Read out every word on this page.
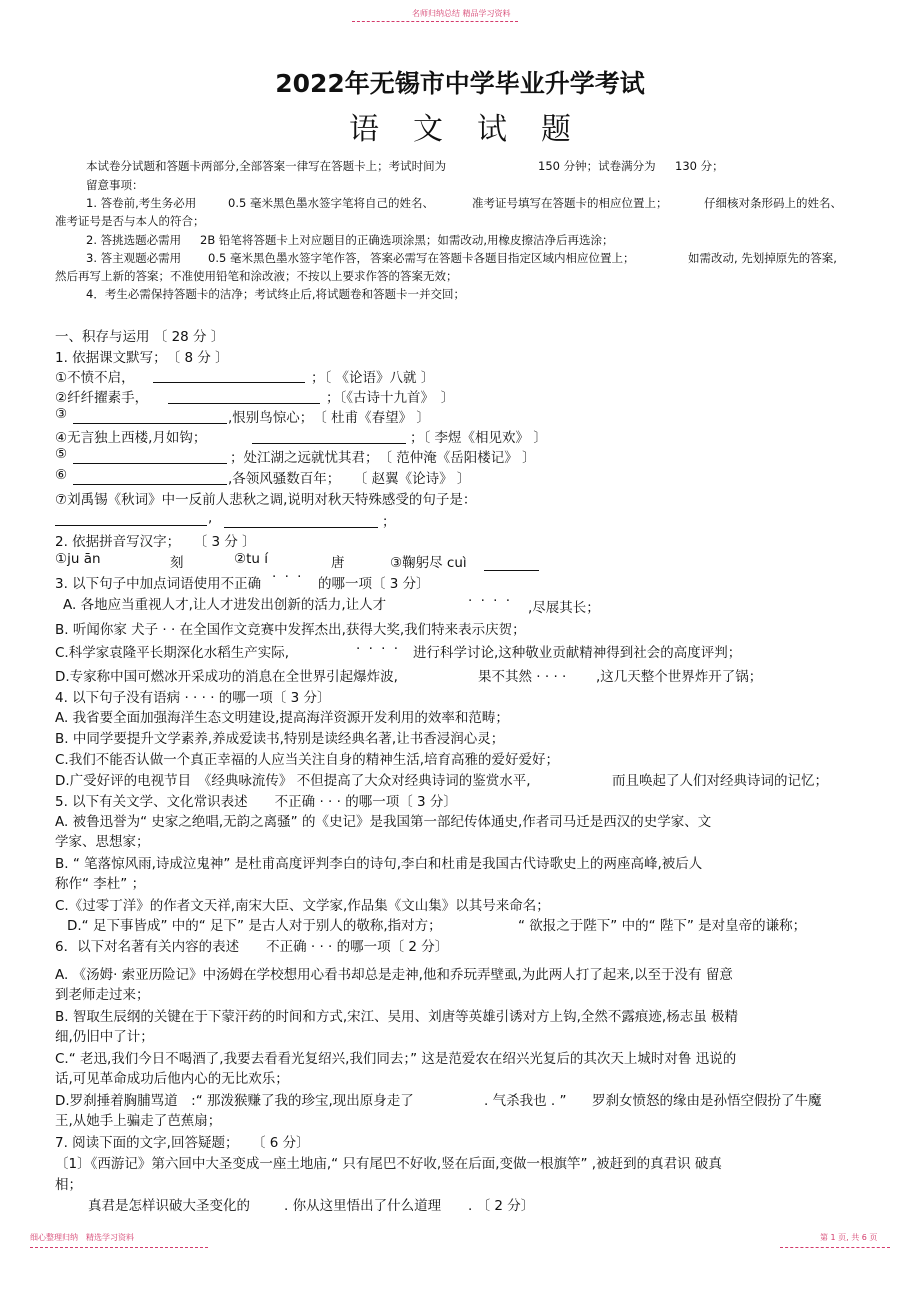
名师归纳总结 精品学习资料
2022年无锡市中学毕业升学考试
语文试题
本试卷分试题和答题卡两部分,全部答案一律写在答题卡上；考试时间为	150 分钟；试卷满分为 130 分；
留意事项：
1. 答卷前,考生务必用	0.5 毫米黑色墨水签字笔将自己的姓名、	准考证号填写在答题卡的相应位置上；	仔细核对条形码上的姓名、
准考证号是否与本人的符合；
2. 答挑选题必需用 2B 铅笔将答题卡上对应题目的正确选项涂黑；如需改动,用橡皮擦洁净后再选涂；
3. 答主观题必需用 0.5 毫米黑色墨水签字笔作答， 答案必需写在答题卡各题目指定区域内相应位置上；	如需改动, 先划掉原先的答案,
然后再写上新的答案；不准使用铅笔和涂改液；不按以上要求作答的答案无效；
4．考生必需保持答题卡的洁净；考试终止后,将试题卷和答题卡一并交回；
一、积存与运用 〔 28 分 〕
1. 依据课文默写；　〔 8 分 〕
①不愤不启，	；〔 《论语》八就 〕
②纤纤擢素手，	；〔《古诗十九首》　〕
③	,恨别鸟惊心；　〔 杜甫《春望》 〕
④无言独上西楼,月如钩；	；〔 李煜《相见欢》 〕
⑤	；处江湖之远就忧其君；　〔 范仲淹《岳阳楼记》 〕
⑥	,各领风骚数百年；　　〔 赵翼《论诗》 〕
⑦刘禹锡《秋词》中一反前人悲秋之调,说明对秋天特殊感受的句子是：
,	；
2. 依据拼音写汉字；　　〔 3 分 〕
①ju ān	刻	②tu í	唐	③鞠躬尽 cuì
3. 以下句子中加点词语使用不正确 · · · 的哪一项〔 3 分〕
A. 各地应当重视人才,让人才进发出创新的活力,让人才	· · · · ,尽展其长；
B. 听闻你家 犬子 · · 在全国作文竞赛中发挥杰出,获得大奖,我们特来表示庆贺；
C.科学家袁隆平长期深化水稻生产实际,	· · · · 进行科学讨论,这种敬业贡献精神得到社会的高度评判；
D.专家称中国可燃冰开采成功的消息在全世界引起爆炸波,	果不其然 · · · · ,这几天整个世界炸开了锅；
4. 以下句子没有语病 · · · · 的哪一项〔 3 分〕
A. 我省要全面加强海洋生态文明建设,提高海洋资源开发利用的效率和范畴；
B. 中同学要提升文学素养,养成爱读书,特别是读经典名著,让书香浸润心灵；
C.我们不能否认做一个真正幸福的人应当关注自身的精神生活,培育高雅的爱好爱好；
D.广受好评的电视节目　《经典咏流传》 不但提高了大众对经典诗词的鉴赏水平,	而且唤起了人们对经典诗词的记忆；
5. 以下有关文学、文化常识表述　　不正确 · · · 的哪一项〔 3 分〕
A. 被鲁迅誉为“ 史家之绝唱,无韵之离骚” 的《史记》是我国第一部纪传体通史,作者司马迁是西汉的史学家、文
学家、思想家；
B. “ 笔落惊风雨,诗成泣鬼神” 是杜甫高度评判李白的诗句,李白和杜甫是我国古代诗歌史上的两座高峰,被后人
称作“ 李杜” ；
C.《过零丁洋》的作者文天祥,南宋大臣、文学家,作品集《文山集》以其号来命名；
D.“ 足下事皆成” 中的“ 足下” 是古人对于别人的敬称,指对方；	“ 欲报之于陛下” 中的“ 陛下” 是对皇帝的谦称；
6．以下对名著有关内容的表述　　不正确 · · · 的哪一项〔 2 分〕
A. 《汤姆· 索亚历险记》中汤姆在学校想用心看书却总是走神,他和乔玩弄壁虱,为此两人打了起来,以至于没有 留意
到老师走过来；
B. 智取生辰纲的关键在于下蒙汗药的时间和方式,宋江、吴用、刘唐等英雄引诱对方上钩,全然不露痕迹,杨志虽 极精
细,仍旧中了计；
C.“ 老迅,我们今日不喝酒了,我要去看看光复绍兴,我们同去；” 这是范爱农在绍兴光复后的其次天上城时对鲁 迅说的
话,可见革命成功后他内心的无比欢乐；
D.罗刹捶着胸脯骂道　:“ 那泼猴赚了我的珍宝,现出原身走了	. 气杀我也 . ” 罗刹女愤怒的缘由是孙悟空假扮了牛魔
王,从她手上骗走了芭蕉扇；
7. 阅读下面的文字,回答疑题；　　〔 6 分〕
〔1〕《西游记》第六回中大圣变成一座土地庙,“ 只有尾巴不好收,竖在后面,变做一根旗竿” ,被赶到的真君识 破真
相；
真君是怎样识破大圣变化的	. 你从这里悟出了什么道理 . 〔 2 分〕
细心整理归纳　精选学习资料	第 1 页, 共 6 页
